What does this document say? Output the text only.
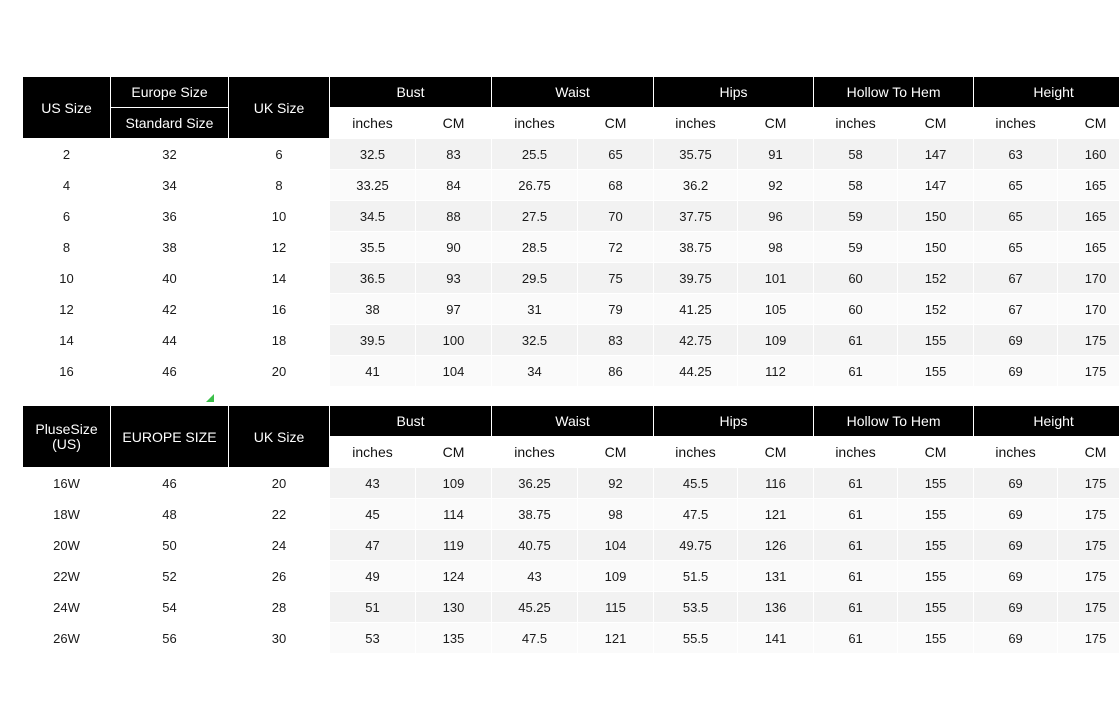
US Size	Europe Size	UK Size	Bust		Waist		Hips		Hollow To Hem		Height	
	Standard Size		inches	CM	inches	CM	inches	CM	inches	CM	inches	CM
2	32	6	32.5	83	25.5	65	35.75	91	58	147	63	160
4	34	8	33.25	84	26.75	68	36.2	92	58	147	65	165
6	36	10	34.5	88	27.5	70	37.75	96	59	150	65	165
8	38	12	35.5	90	28.5	72	38.75	98	59	150	65	165
10	40	14	36.5	93	29.5	75	39.75	101	60	152	67	170
12	42	16	38	97	31	79	41.25	105	60	152	67	170
14	44	18	39.5	100	32.5	83	42.75	109	61	155	69	175
16	46	20	41	104	34	86	44.25	112	61	155	69	175
PluseSize
(US)	EUROPE SIZE	UK Size	Bust		Waist		Hips		Hollow To Hem		Height	
			inches	CM	inches	CM	inches	CM	inches	CM	inches	CM
16W	46	20	43	109	36.25	92	45.5	116	61	155	69	175
18W	48	22	45	114	38.75	98	47.5	121	61	155	69	175
20W	50	24	47	119	40.75	104	49.75	126	61	155	69	175
22W	52	26	49	124	43	109	51.5	131	61	155	69	175
24W	54	28	51	130	45.25	115	53.5	136	61	155	69	175
26W	56	30	53	135	47.5	121	55.5	141	61	155	69	175
